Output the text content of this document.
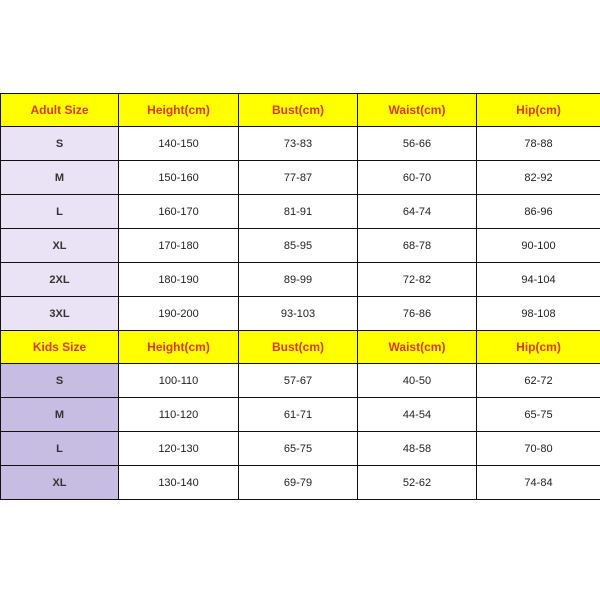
Adult Size	Height(cm)	Bust(cm)	Waist(cm)	Hip(cm)
S	140-150	73-83	56-66	78-88
M	150-160	77-87	60-70	82-92
L	160-170	81-91	64-74	86-96
XL	170-180	85-95	68-78	90-100
2XL	180-190	89-99	72-82	94-104
3XL	190-200	93-103	76-86	98-108
Kids Size	Height(cm)	Bust(cm)	Waist(cm)	Hip(cm)
S	100-110	57-67	40-50	62-72
M	110-120	61-71	44-54	65-75
L	120-130	65-75	48-58	70-80
XL	130-140	69-79	52-62	74-84
